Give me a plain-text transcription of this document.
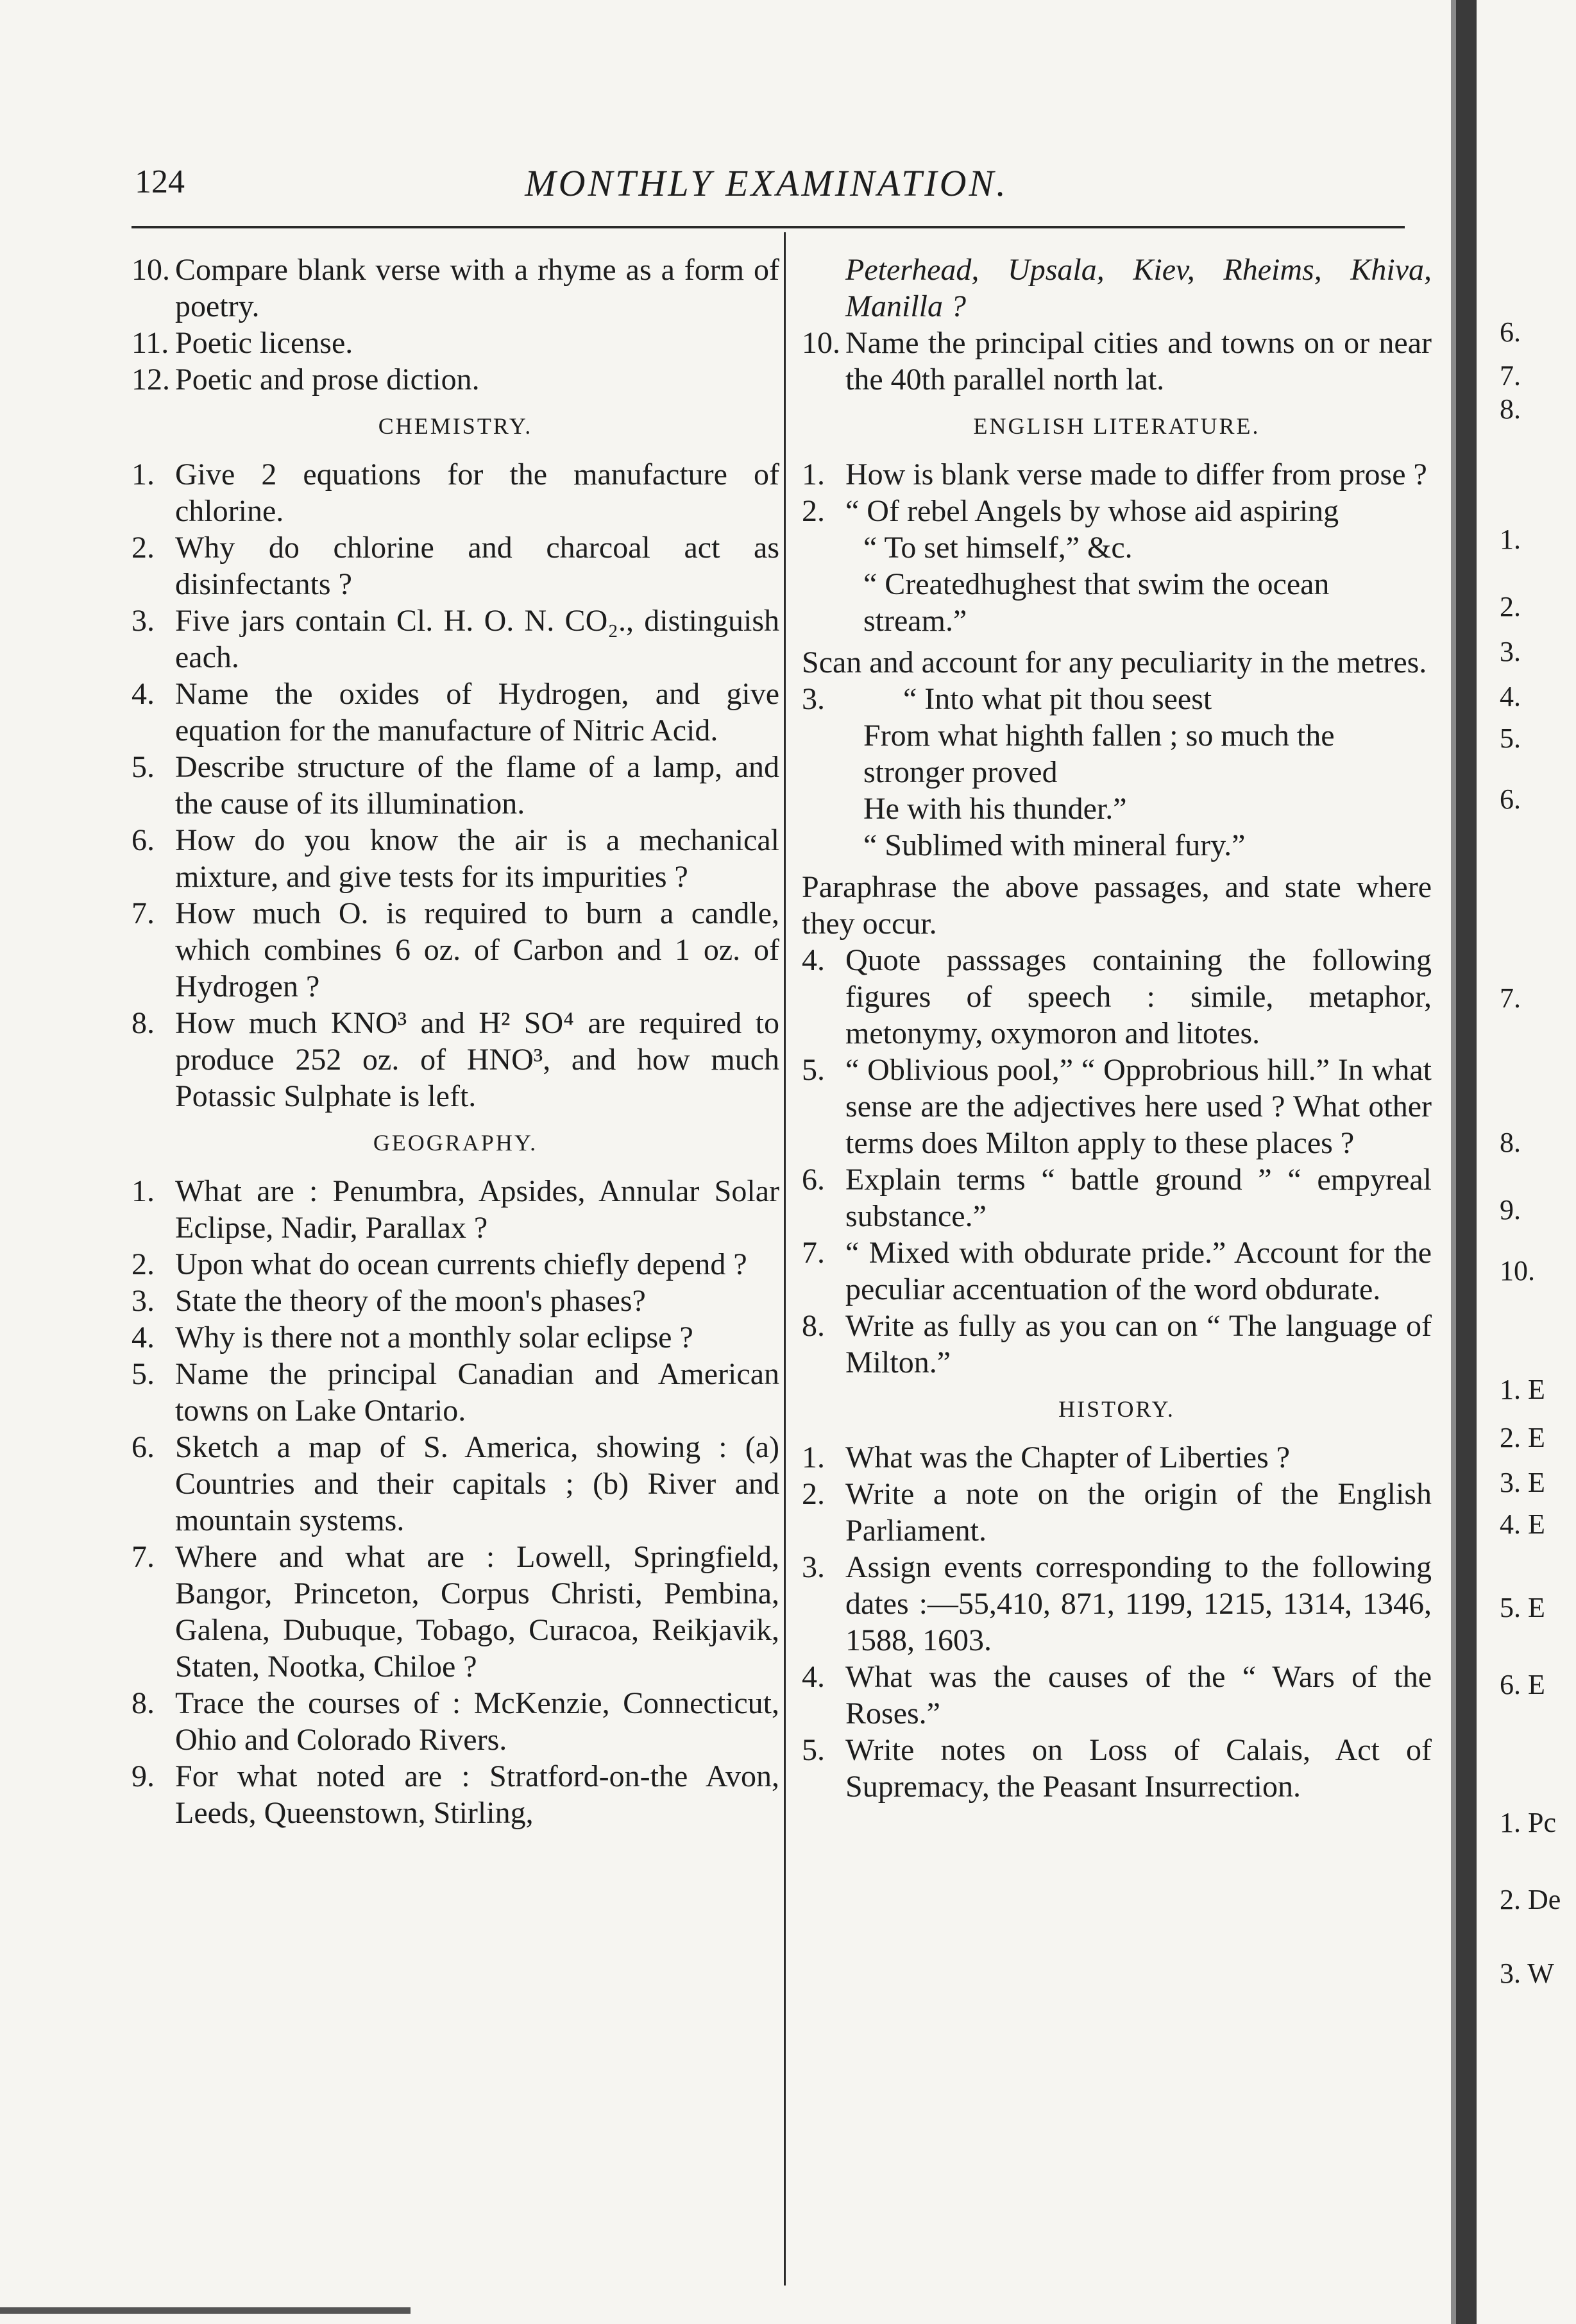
124	MONTHLY EXAMINATION.

10. Compare blank verse with a rhyme as a form of poetry.

11. Poetic license.

12. Poetic and prose diction.

CHEMISTRY.

1. Give 2 equations for the manufacture of chlorine.

2. Why do chlorine and charcoal act as disinfectants ?

3. Five jars contain Cl. H. O. N. CO₂., distinguish each.

4. Name the oxides of Hydrogen, and give equation for the manufacture of Nitric Acid.

5. Describe structure of the flame of a lamp, and the cause of its illumination.

6. How do you know the air is a mechanical mixture, and give tests for its impurities ?

7. How much O. is required to burn a candle, which combines 6 oz. of Carbon and 1 oz. of Hydrogen ?

8. How much KNO³ and H² SO⁴ are required to produce 252 oz. of HNO³, and how much Potassic Sulphate is left.

GEOGRAPHY.

1. What are : Penumbra, Apsides, Annular Solar Eclipse, Nadir, Parallax ?

2. Upon what do ocean currents chiefly depend ?

3. State the theory of the moon's phases?

4. Why is there not a monthly solar eclipse ?

5. Name the principal Canadian and American towns on Lake Ontario.

6. Sketch a map of S. America, showing : (a) Countries and their capitals ; (b) River and mountain systems.

7. Where and what are : Lowell, Springfield, Bangor, Princeton, Corpus Christi, Pembina, Galena, Dubuque, Tobago, Curacoa, Reikjavik, Staten, Nootka, Chiloe ?

8. Trace the courses of : McKenzie, Connecticut, Ohio and Colorado Rivers.

9. For what noted are : Stratford-on-the Avon, Leeds, Queenstown, Stirling,

Peterhead, Upsala, Kiev, Rheims, Khiva, Manilla ?

10. Name the principal cities and towns on or near the 40th parallel north lat.

ENGLISH LITERATURE.

1. How is blank verse made to differ from prose ?

2. “ Of rebel Angels by whose aid aspiring

“ To set himself,” &c.

“ Createdhughest that swim the ocean stream.”

Scan and account for any peculiarity in the metres.

3.	“ Into what pit thou seest

From what highth fallen ; so much the stronger proved

He with his thunder.”

“ Sublimed with mineral fury.”

Paraphrase the above passages, and state where they occur.

4. Quote passsages containing the following figures of speech : simile, metaphor, metonymy, oxymoron and litotes.

5. “ Oblivious pool,” “ Opprobrious hill.” In what sense are the adjectives here used ? What other terms does Milton apply to these places ?

6. Explain terms “ battle ground ” “ empyreal substance.”

7. “ Mixed with obdurate pride.” Account for the peculiar accentuation of the word obdurate.

8. Write as fully as you can on “ The language of Milton.”

HISTORY.

1. What was the Chapter of Liberties ?

2. Write a note on the origin of the English Parliament.

3. Assign events corresponding to the following dates :—55,410, 871, 1199, 1215, 1314, 1346, 1588, 1603.

4. What was the causes of the “ Wars of the Roses.”

5. Write notes on Loss of Calais, Act of Supremacy, the Peasant Insurrection.

6.
7.
8.
1.
2.
3.
4.
5.
6.
7.
8.
9.
10.
1. E
2. E
3. E
4. E
5. E
6. E
1. Pc
2. De
3. W
